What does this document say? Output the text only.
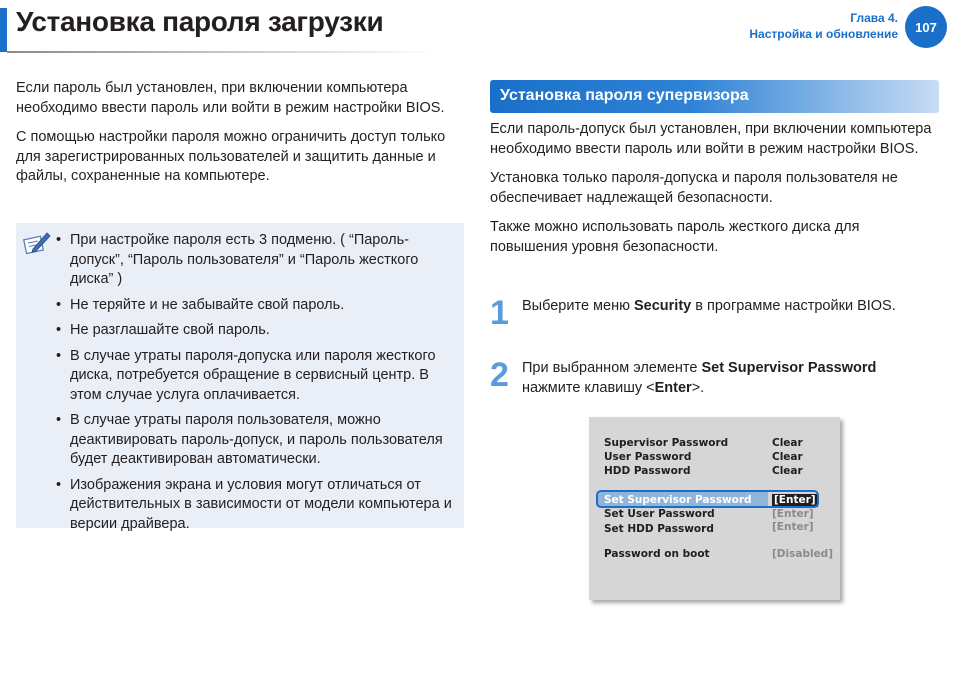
Установка пароля загрузки	Глава 4.
Настройка и обновление	107

Если пароль был установлен, при включении компьютера необходимо ввести пароль или войти в режим настройки BIOS.

С помощью настройки пароля можно ограничить доступ только для зарегистрированных пользователей и защитить данные и файлы, сохраненные на компьютере.

• При настройке пароля есть 3 подменю. ( “Пароль-допуск”, “Пароль пользователя” и “Пароль жесткого диска” )
• Не теряйте и не забывайте свой пароль.
• Не разглашайте свой пароль.
• В случае утраты пароля-допуска или пароля жесткого диска, потребуется обращение в сервисный центр. В этом случае услуга оплачивается.
• В случае утраты пароля пользователя, можно деактивировать пароль-допуск, и пароль пользователя будет деактивирован автоматически.
• Изображения экрана и условия могут отличаться от действительных в зависимости от модели компьютера и версии драйвера.
Установка пароля супервизора

Если пароль-допуск был установлен, при включении компьютера необходимо ввести пароль или войти в режим настройки BIOS.

Установка только пароля-допуска и пароля пользователя не обеспечивает надлежащей безопасности.

Также можно использовать пароль жесткого диска для повышения уровня безопасности.

1 Выберите меню Security в программе настройки BIOS.
2 При выбранном элементе Set Supervisor Password нажмите клавишу <Enter>.
Supervisor Password	Clear
User Password	Clear
HDD Password	Clear
Set Supervisor Password [Enter]
Set User Password	[Enter]
Set HDD Password	[Enter]
Password on boot	[Disabled]
